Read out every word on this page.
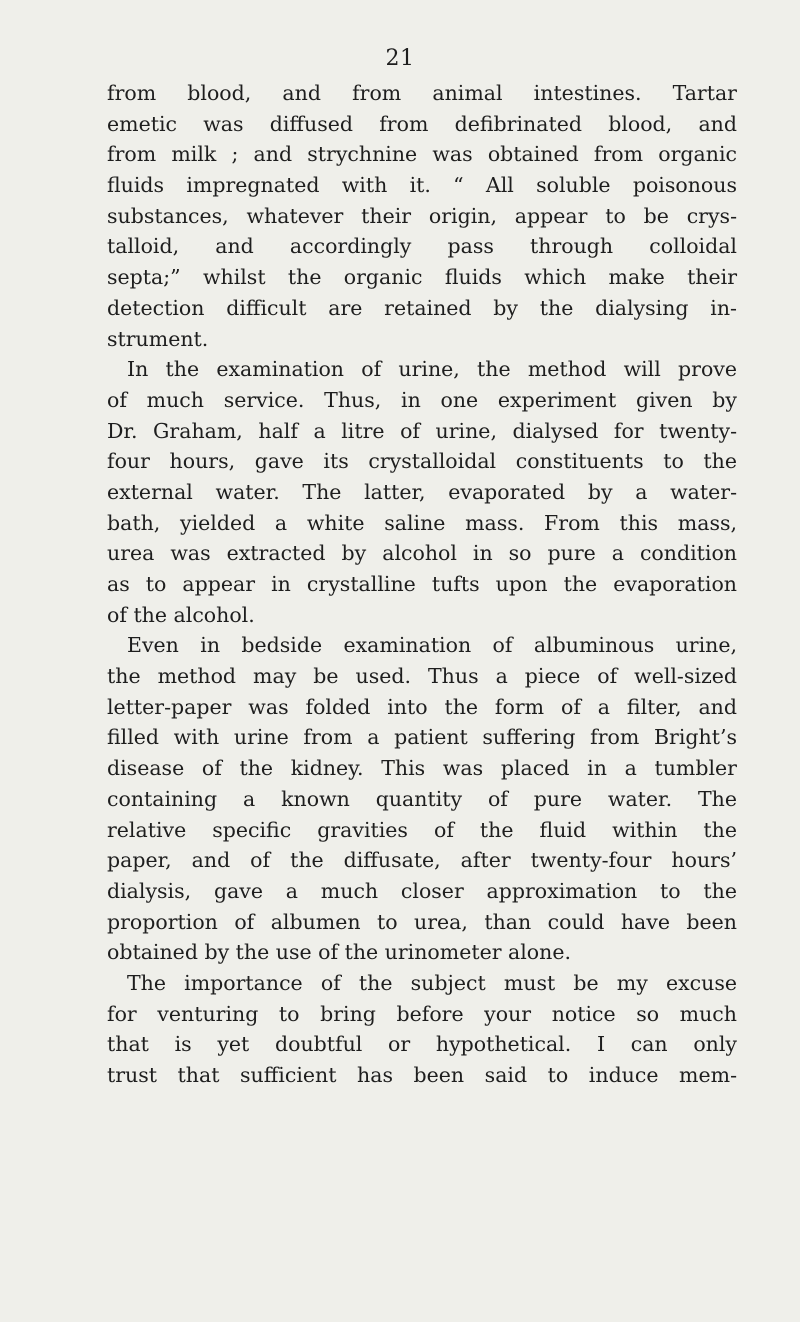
21
from blood, and from animal intestines. Tartar
emetic was diffused from defibrinated blood, and
from milk ; and strychnine was obtained from organic
fluids impregnated with it. “ All soluble poisonous
substances, whatever their origin, appear to be crys-
talloid, and accordingly pass through colloidal
septa;” whilst the organic fluids which make their
detection difficult are retained by the dialysing in-
strument.
In the examination of urine, the method will prove
of much service. Thus, in one experiment given by
Dr. Graham, half a litre of urine, dialysed for twenty-
four hours, gave its crystalloidal constituents to the
external water. The latter, evaporated by a water-
bath, yielded a white saline mass. From this mass,
urea was extracted by alcohol in so pure a condition
as to appear in crystalline tufts upon the evaporation
of the alcohol.
Even in bedside examination of albuminous urine,
the method may be used. Thus a piece of well-sized
letter-paper was folded into the form of a filter, and
filled with urine from a patient suffering from Bright’s
disease of the kidney. This was placed in a tumbler
containing a known quantity of pure water. The
relative specific gravities of the fluid within the
paper, and of the diffusate, after twenty-four hours’
dialysis, gave a much closer approximation to the
proportion of albumen to urea, than could have been
obtained by the use of the urinometer alone.
The importance of the subject must be my excuse
for venturing to bring before your notice so much
that is yet doubtful or hypothetical. I can only
trust that sufficient has been said to induce mem-
